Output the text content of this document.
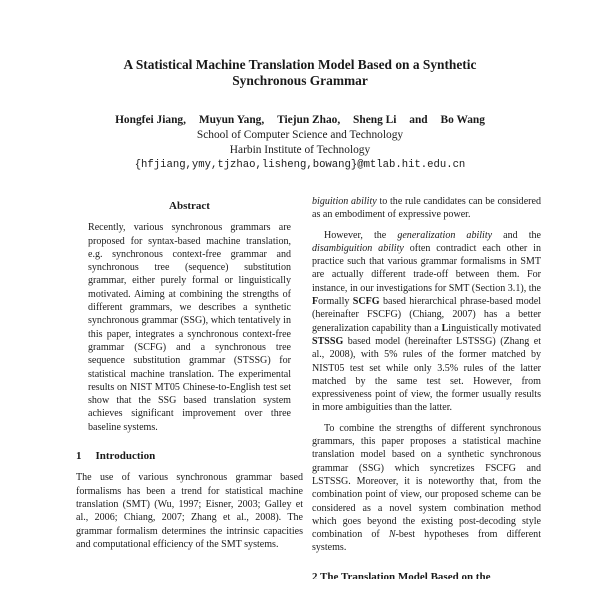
A Statistical Machine Translation Model Based on a Synthetic
Synchronous Grammar
Hongfei Jiang, Muyun Yang, Tiejun Zhao, Sheng Li and Bo Wang
School of Computer Science and Technology
Harbin Institute of Technology
{hfjiang,ymy,tjzhao,lisheng,bowang}@mtlab.hit.edu.cn
Abstract
Recently, various synchronous grammars are proposed for syntax-based machine translation, e.g. synchronous context-free grammar and synchronous tree (sequence) substitution grammar, either purely formal or linguistically motivated. Aiming at combining the strengths of different grammars, we describes a synthetic synchronous grammar (SSG), which tentatively in this paper, integrates a synchronous context-free grammar (SCFG) and a synchronous tree sequence substitution grammar (STSSG) for statistical machine translation. The experimental results on NIST MT05 Chinese-to-English test set show that the SSG based translation system achieves significant improvement over three baseline systems.
1 Introduction

The use of various synchronous grammar based formalisms has been a trend for statistical machine translation (SMT) (Wu, 1997; Eisner, 2003; Galley et al., 2006; Chiang, 2007; Zhang et al., 2008). The grammar formalism determines the intrinsic capacities and computational efficiency of the SMT systems.

biguition ability to the rule candidates can be considered as an embodiment of expressive power.

However, the generalization ability and the disambiguition ability often contradict each other in practice such that various grammar formalisms in SMT are actually different trade-off between them. For instance, in our investigations for SMT (Section 3.1), the Formally SCFG based hierarchical phrase-based model (hereinafter FSCFG) (Chiang, 2007) has a better generalization capability than a Linguistically motivated STSSG based model (hereinafter LSTSSG) (Zhang et al., 2008), with 5% rules of the former matched by NIST05 test set while only 3.5% rules of the latter matched by the same test set. However, from expressiveness point of view, the former usually results in more ambiguities than the latter.

To combine the strengths of different synchronous grammars, this paper proposes a statistical machine translation model based on a synthetic synchronous grammar (SSG) which syncretizes FSCFG and LSTSSG. Moreover, it is noteworthy that, from the combination point of view, our proposed scheme can be considered as a novel system combination method which goes beyond the existing post-decoding style combination of N-best hypotheses from different systems.

2 The Translation Model Based on the
